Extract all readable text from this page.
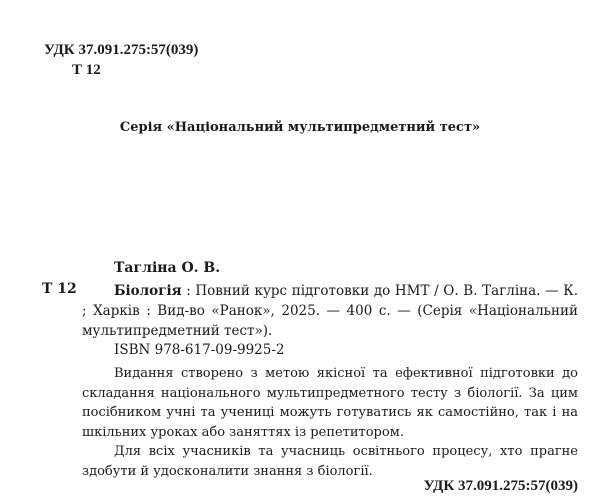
УДК 37.091.275:57(039)
Т 12
Серія «Національний мультипредметний тест»
Тагліна О. В.
Т 12	Біологія : Повний курс підготовки до НМТ / О. В. Тагліна. — К. ; Харків : Вид-во «Ранок», 2025. — 400 с. — (Серія «Національний мультипредметний тест»).
ISBN 978-617-09-9925-2

Видання створено з метою якісної та ефективної підготовки до складання національного мультипредметного тесту з біології. За цим посібником учні та учениці можуть готуватись як самостійно, так і на шкільних уроках або заняттях із репетитором.

Для всіх учасників та учасниць освітнього процесу, хто прагне здобути й удосконалити знання з біології.

УДК 37.091.275:57(039)
